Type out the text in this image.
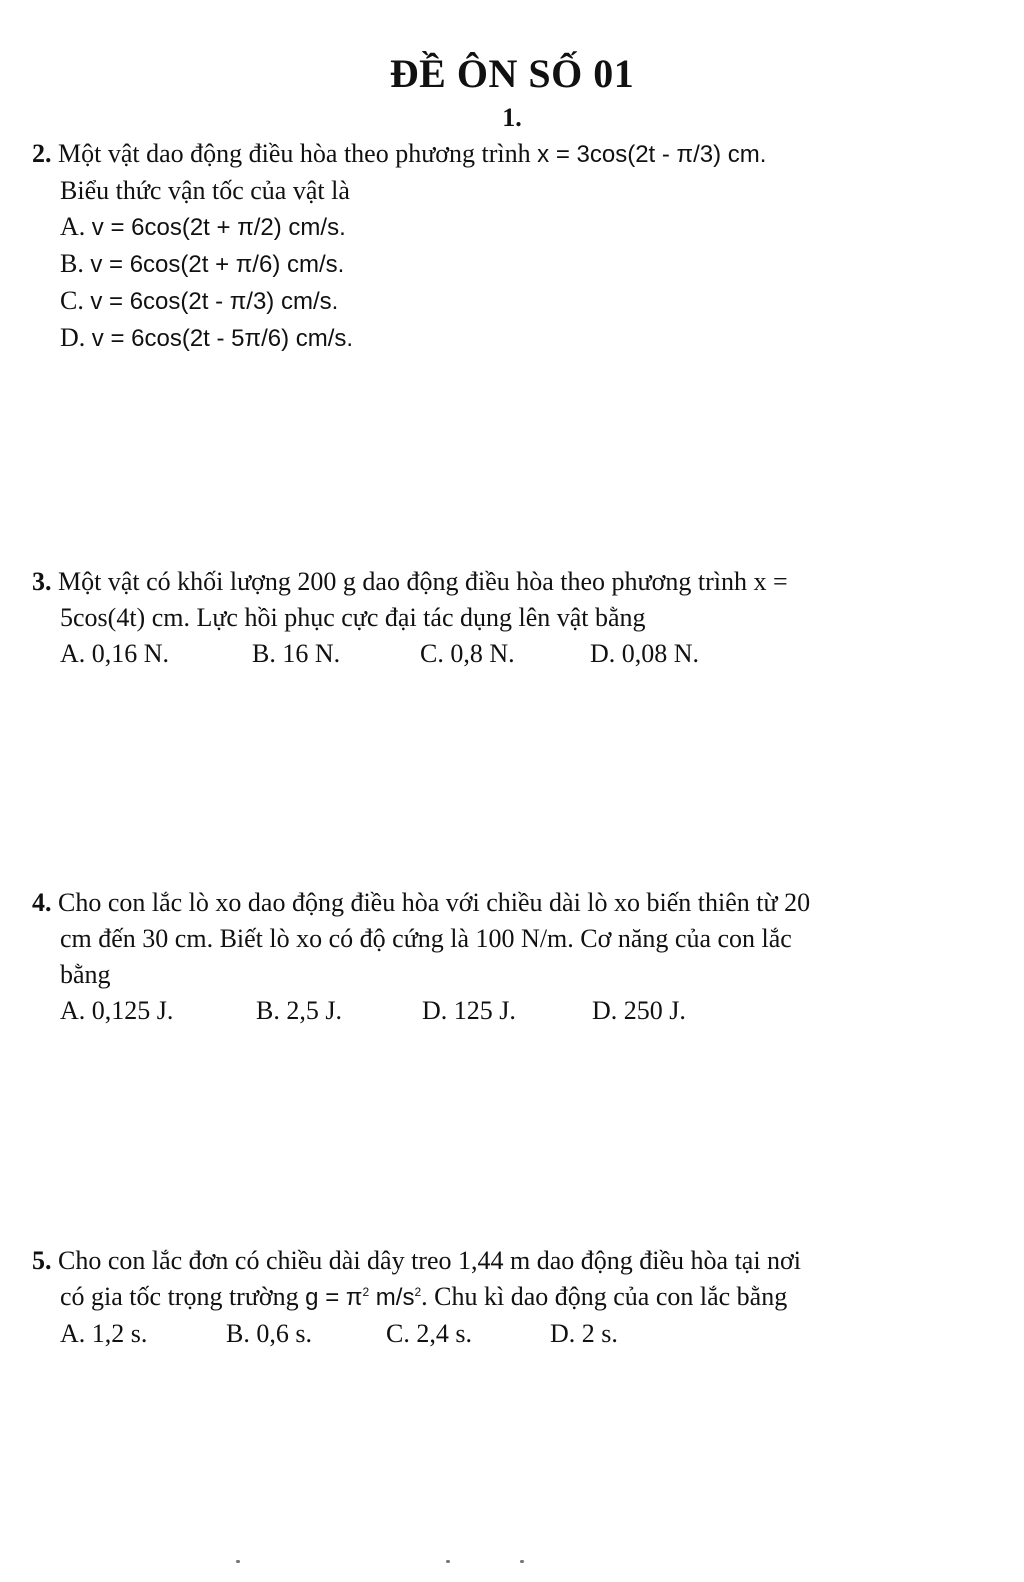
ĐỀ ÔN SỐ 01
1.
2. Một vật dao động điều hòa theo phương trình x = 3cos(2t - π/3) cm.
Biểu thức vận tốc của vật là
A. v = 6cos(2t + π/2) cm/s.
B. v = 6cos(2t + π/6) cm/s.
C. v = 6cos(2t - π/3) cm/s.
D. v = 6cos(2t - 5π/6) cm/s.
3. Một vật có khối lượng 200 g dao động điều hòa theo phương trình x =
5cos(4t) cm. Lực hồi phục cực đại tác dụng lên vật bằng
A. 0,16 N.	B. 16 N.	C. 0,8 N.	D. 0,08 N.
4. Cho con lắc lò xo dao động điều hòa với chiều dài lò xo biến thiên từ 20
cm đến 30 cm. Biết lò xo có độ cứng là 100 N/m. Cơ năng của con lắc
bằng
A. 0,125 J.	B. 2,5 J.	D. 125 J.	D. 250 J.
5. Cho con lắc đơn có chiều dài dây treo 1,44 m dao động điều hòa tại nơi
có gia tốc trọng trường $g = \pi^2$ $m/s^2$. Chu kì dao động của con lắc bằng
A. 1,2 s.	B. 0,6 s.	C. 2,4 s.	D. 2 s.
